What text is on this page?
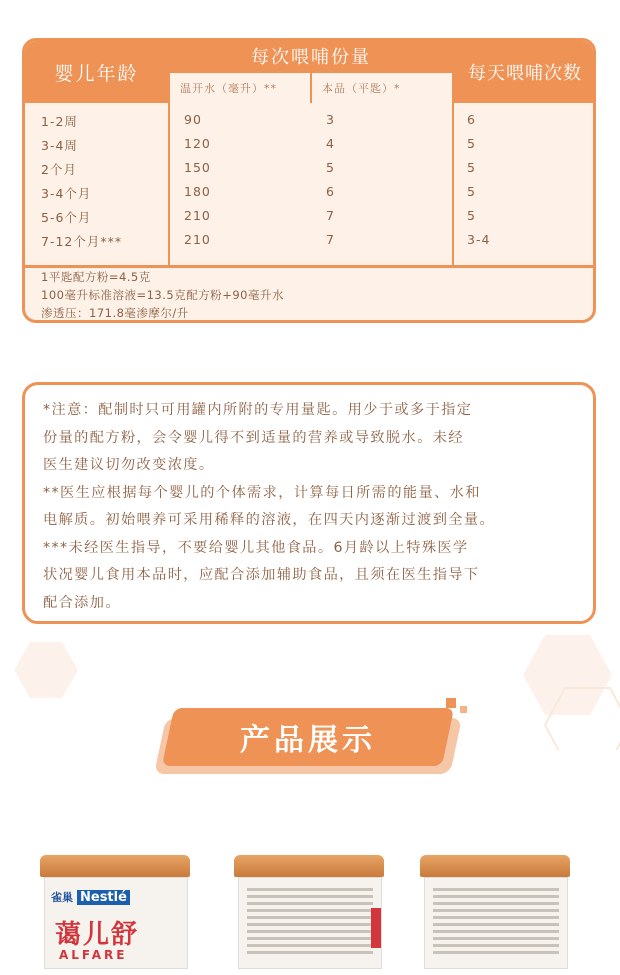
婴儿年龄
每次喂哺份量
每天喂哺次数
温开水（毫升）**	本品（平匙）*
1-2周	90	3	6
3-4周	120	4	5
2个月	150	5	5
3-4个月	180	6	5
5-6个月	210	7	5
7-12个月***	210	7	3-4
1平匙配方粉=4.5克
100毫升标准溶液=13.5克配方粉+90毫升水
渗透压：171.8毫渗摩尔/升
*注意：配制时只可用罐内所附的专用量匙。用少于或多于指定
份量的配方粉，会令婴儿得不到适量的营养或导致脱水。未经
医生建议切勿改变浓度。
**医生应根据每个婴儿的个体需求，计算每日所需的能量、水和
电解质。初始喂养可采用稀释的溶液，在四天内逐渐过渡到全量。
***未经医生指导，不要给婴儿其他食品。6月龄以上特殊医学
状况婴儿食用本品时，应配合添加辅助食品，且须在医生指导下
配合添加。
产品展示
雀巢 Nestlé
蔼儿舒
ALFARE
